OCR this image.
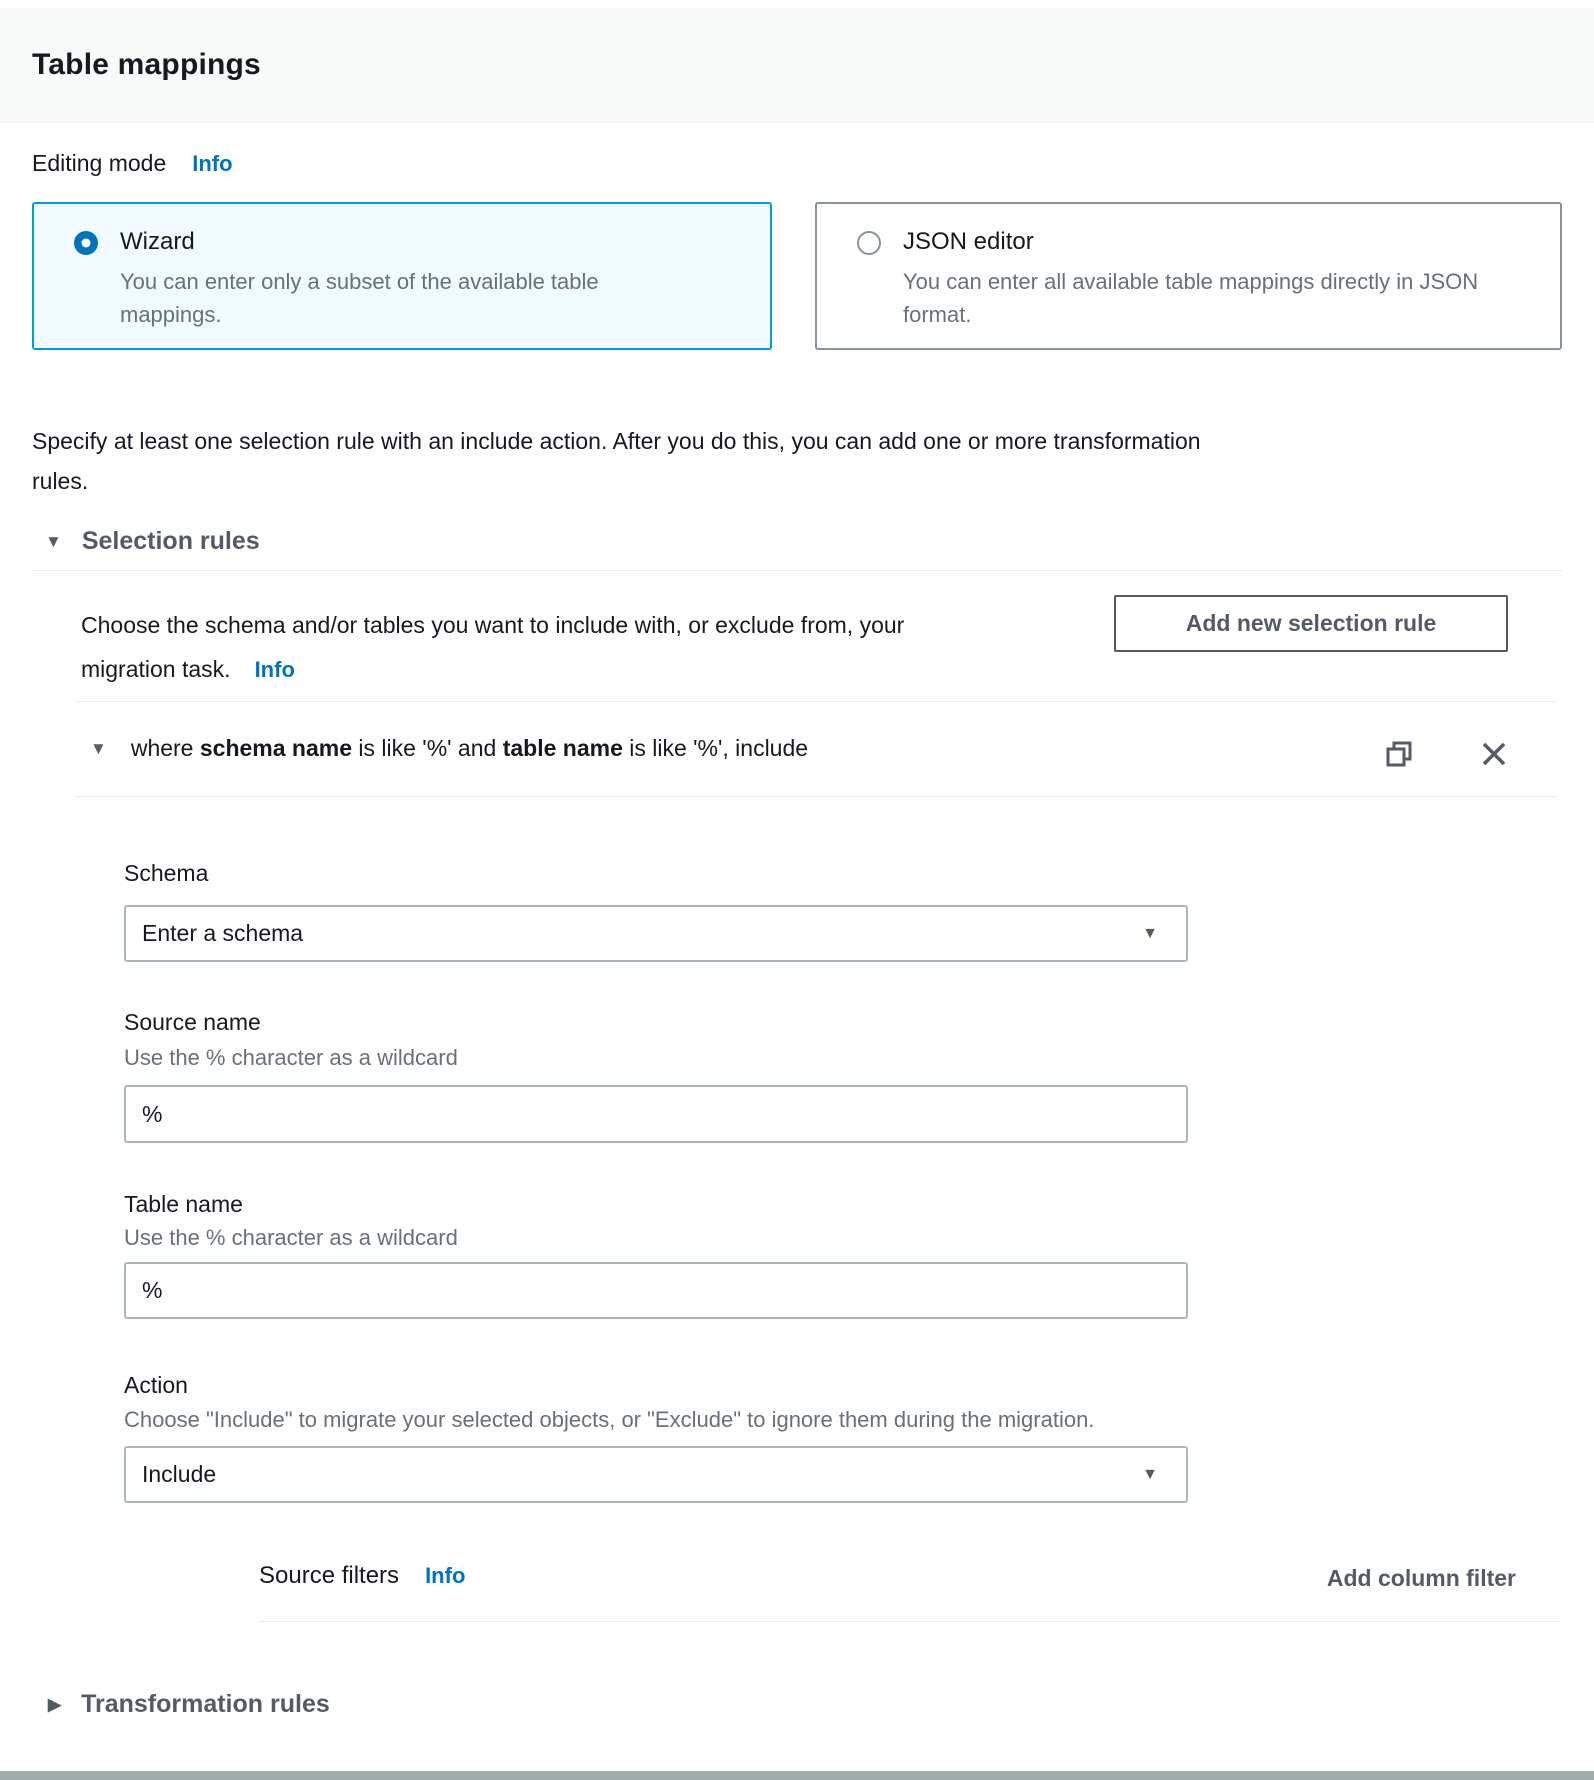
Table mappings
Editing mode Info
Wizard
You can enter only a subset of the available table mappings.
JSON editor
You can enter all available table mappings directly in JSON format.

Specify at least one selection rule with an include action. After you do this, you can add one or more transformation
rules.

▼ Selection rules
Choose the schema and/or tables you want to include with, or exclude from, your
migration task. Info
Add new selection rule
▼ where schema name is like '%' and table name is like '%', include
Schema
Enter a schema	▼
Source name
Use the % character as a wildcard
%
Table name
Use the % character as a wildcard
%
Action
Choose "Include" to migrate your selected objects, or "Exclude" to ignore them during the migration.
Include	▼
Source filters Info	Add column filter
▶ Transformation rules
